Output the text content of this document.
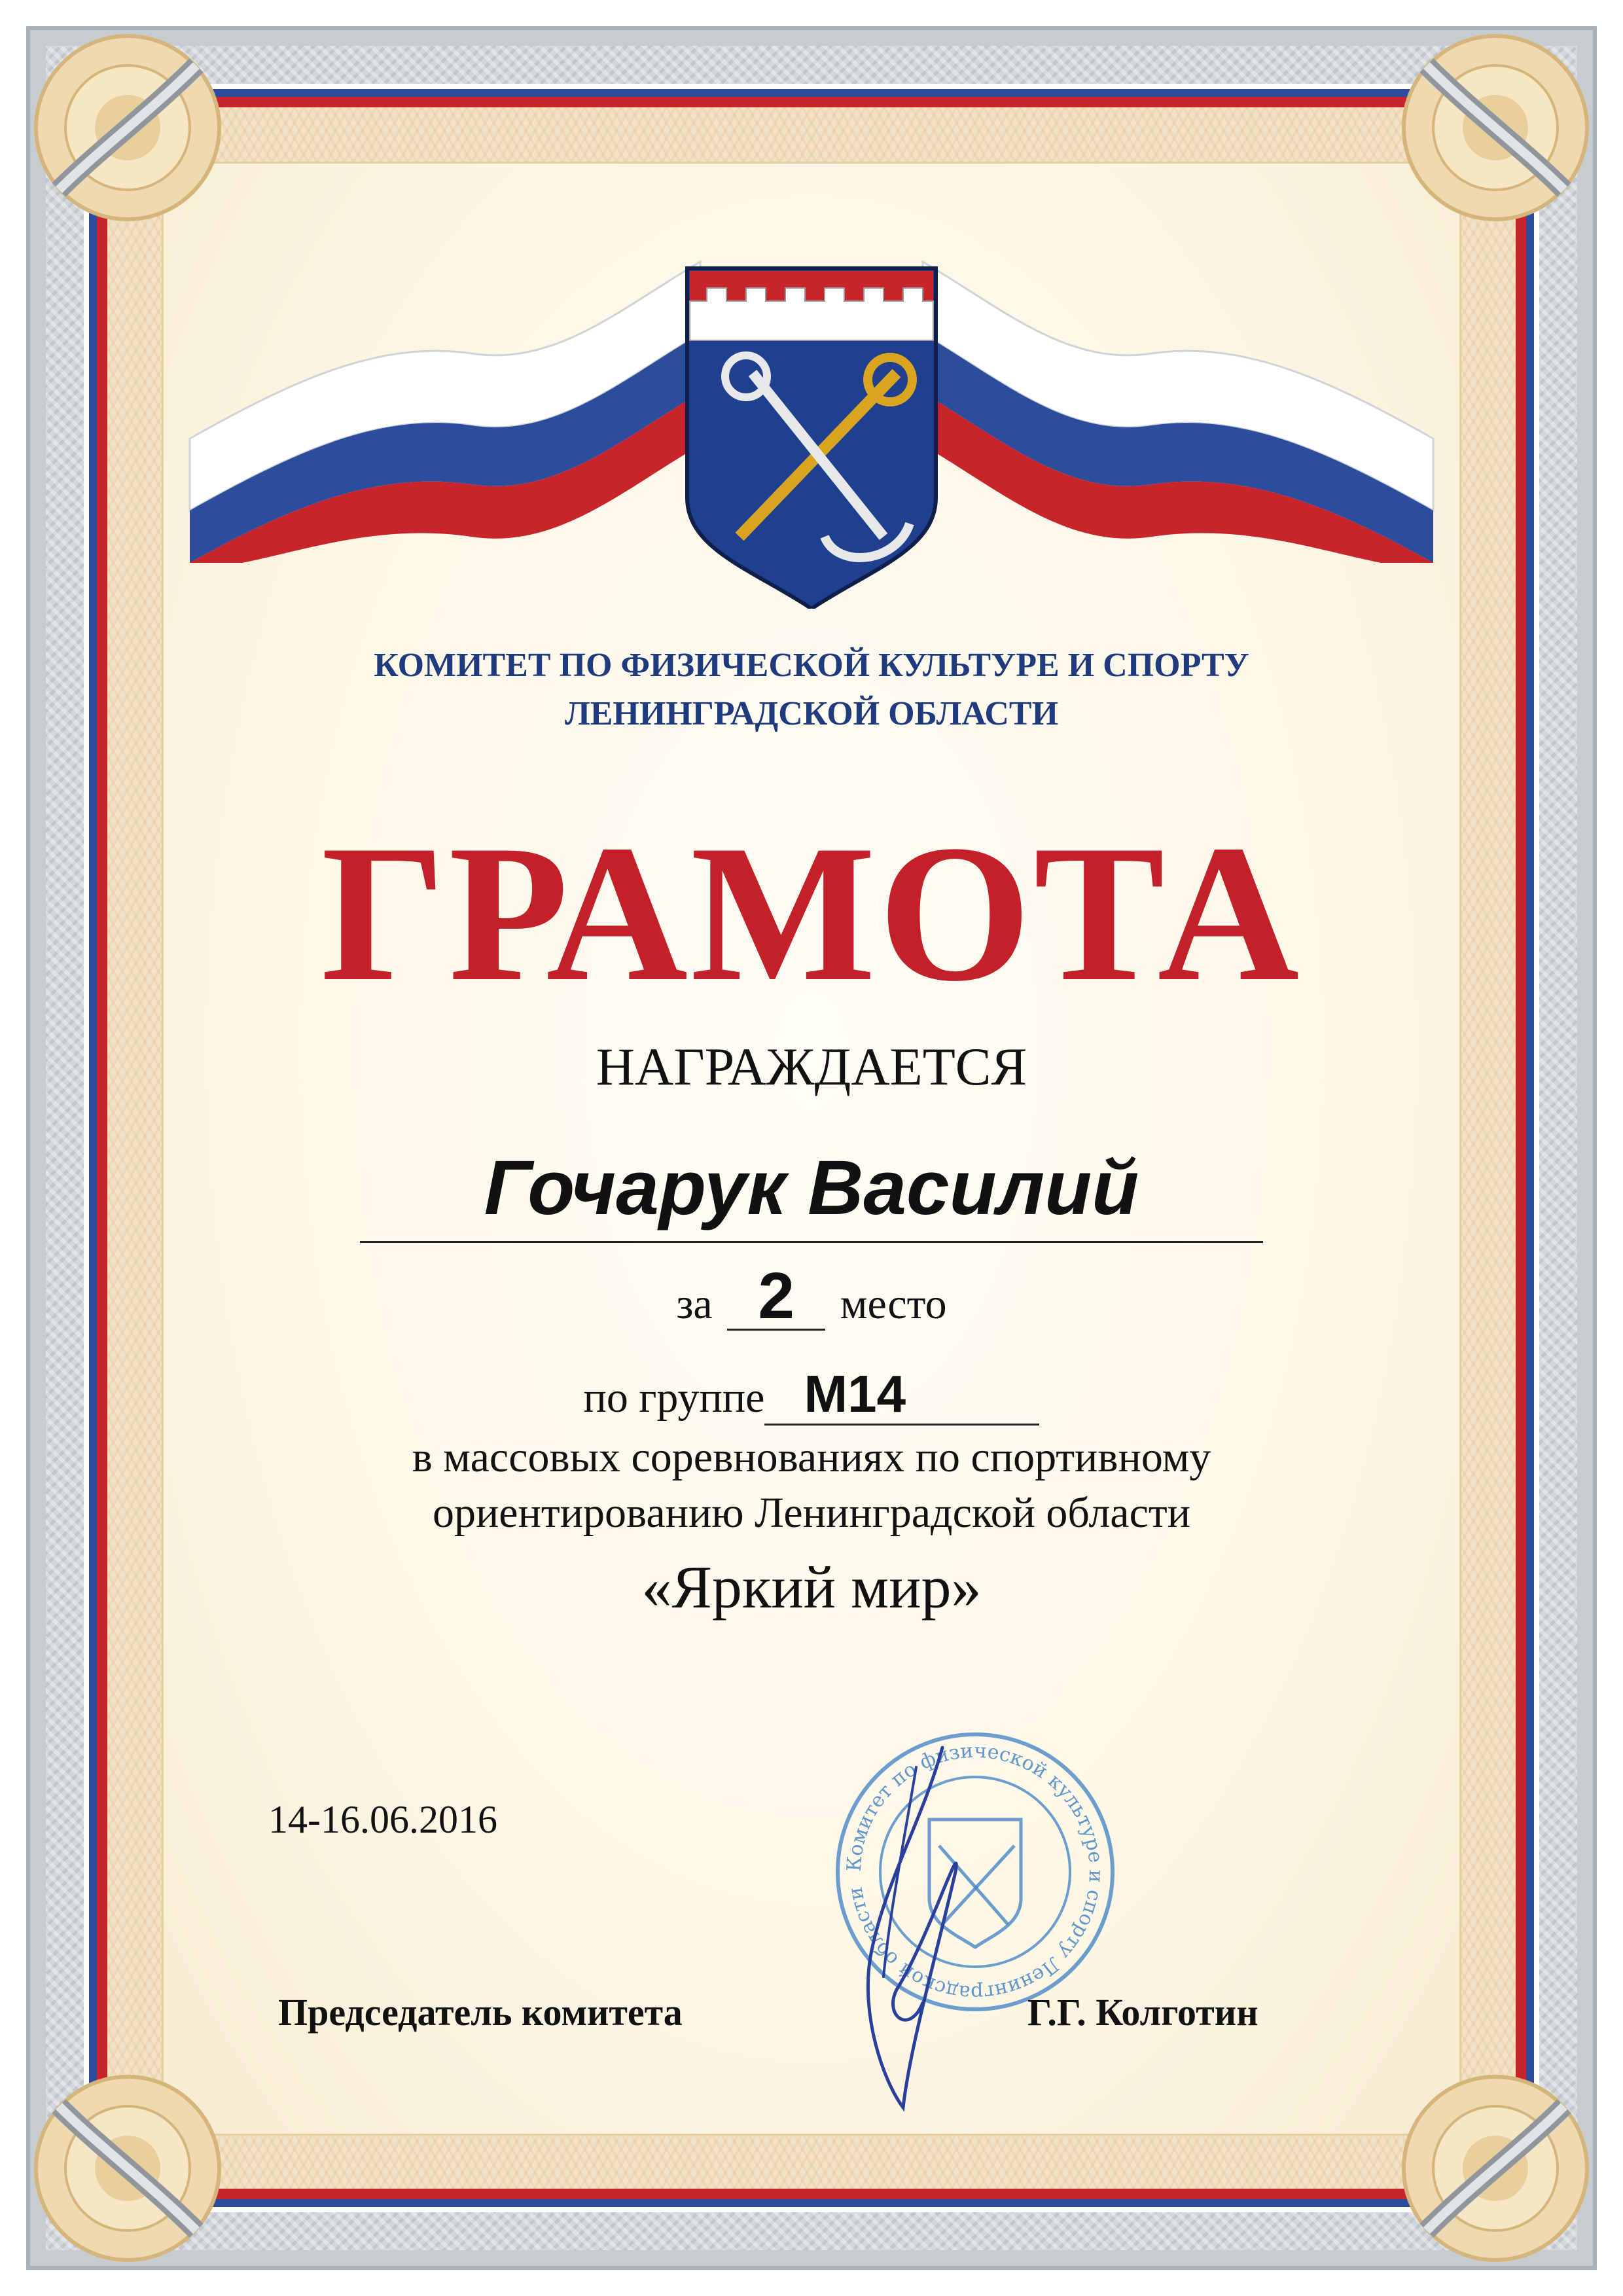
КОМИТЕТ ПО ФИЗИЧЕСКОЙ КУЛЬТУРЕ И СПОРТУ
ЛЕНИНГРАДСКОЙ ОБЛАСТИ
ГРАМОТА
НАГРАЖДАЕТСЯ
Гочарук Василий
за 2 место
по группе М14
в массовых соревнованиях по спортивному
ориентированию Ленинградской области
«Яркий мир»
14-16.06.2016
Комитет по физической культуре и спорту Ленинградской области
Председатель комитета	Г.Г. Колготин
